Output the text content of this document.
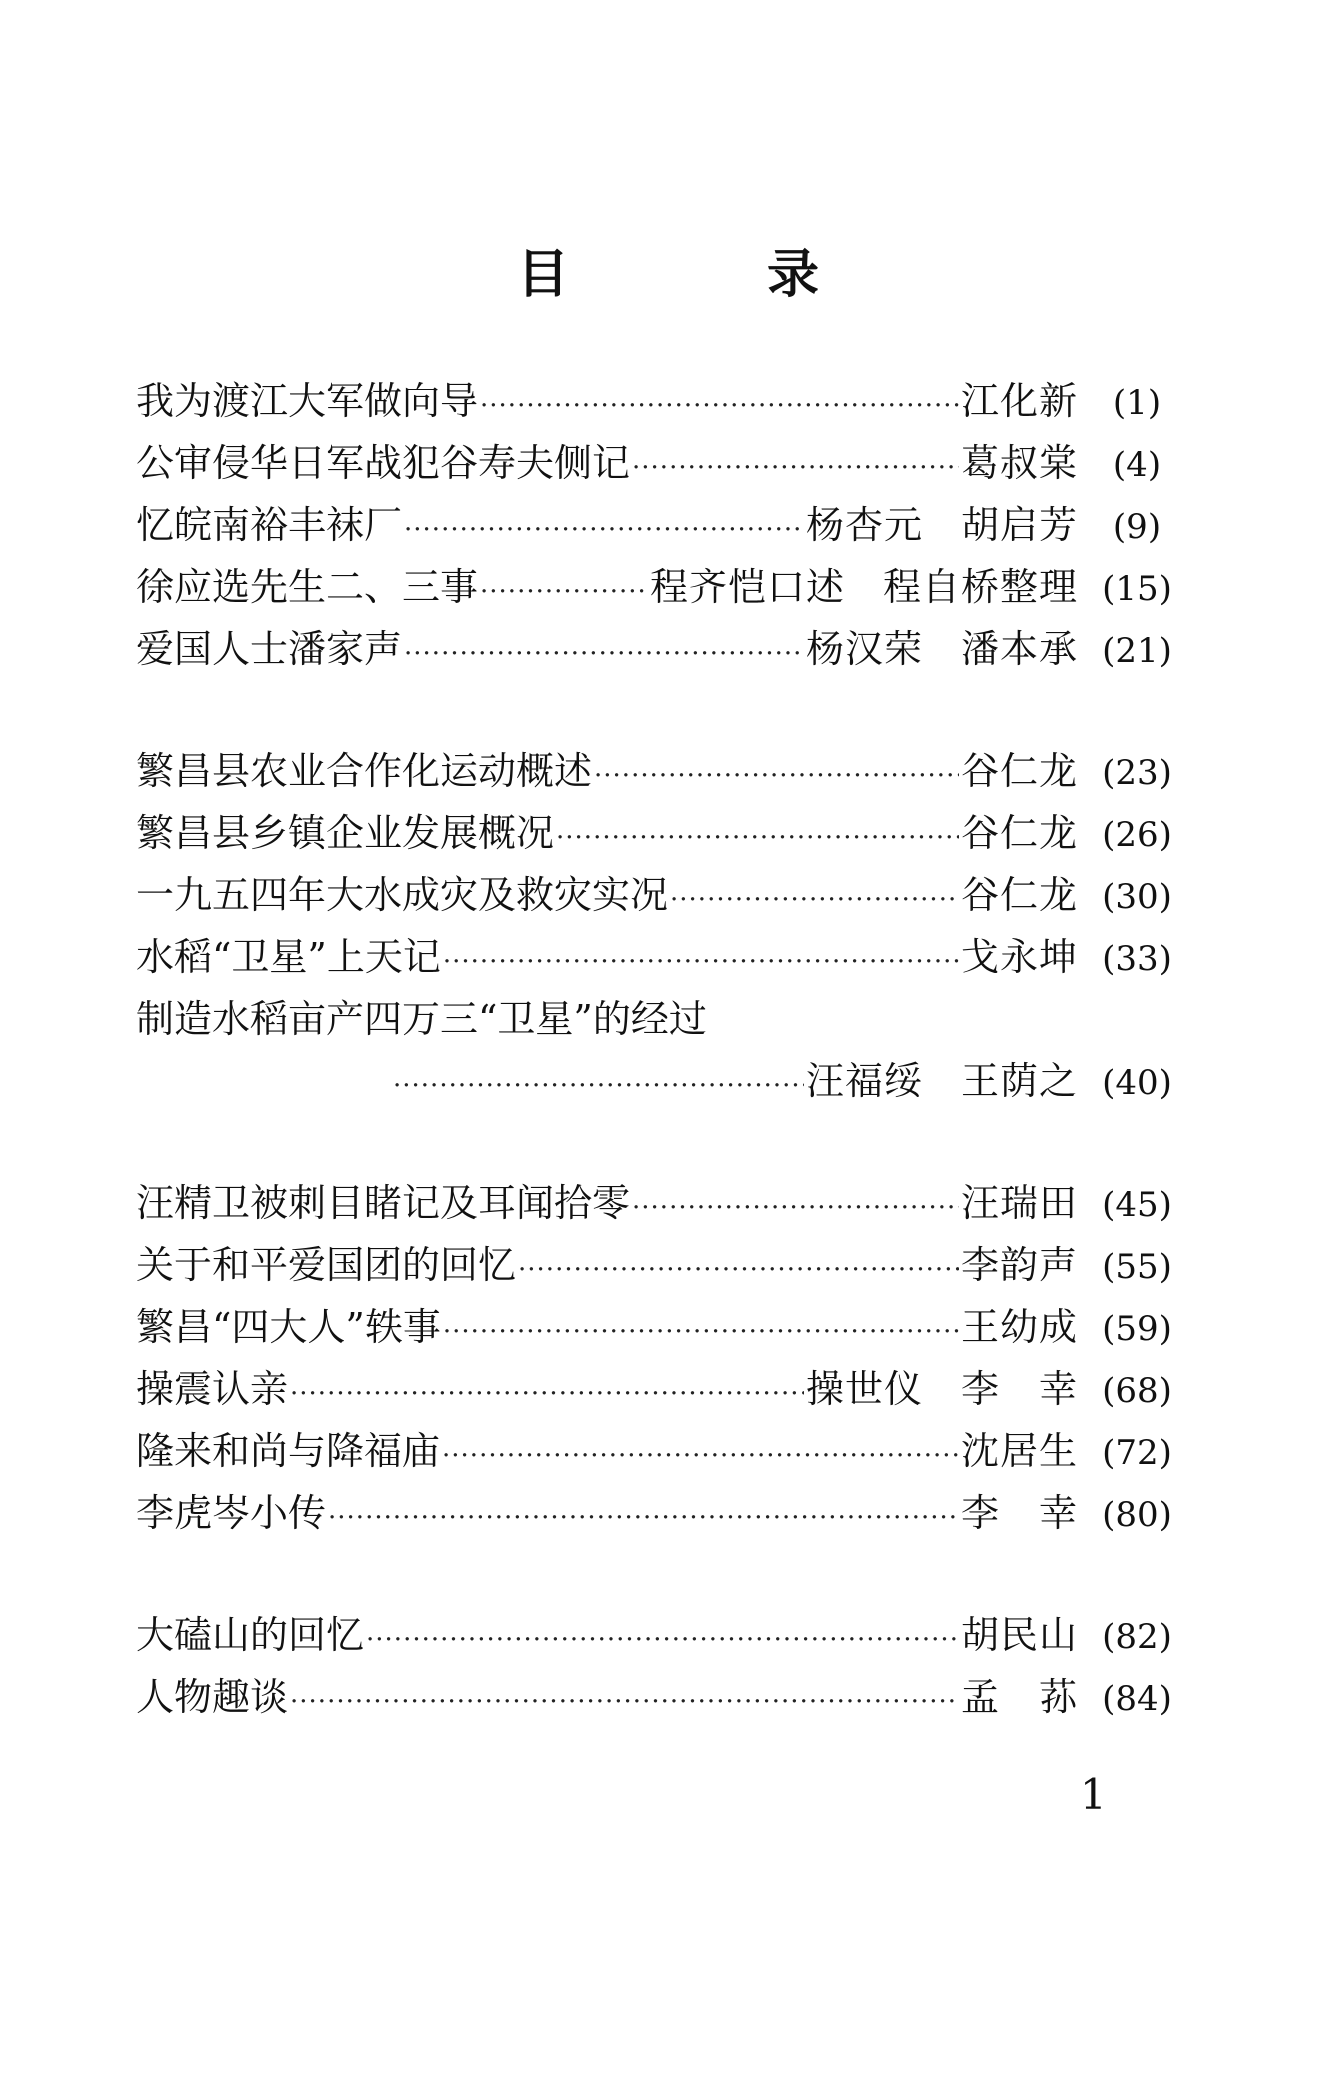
目 录
我为渡江大军做向导 ·····	江化新	(1)
公审侵华日军战犯谷寿夫侧记 ·····	葛叔棠	(4)
忆皖南裕丰袜厂 ·····	杨杏元 胡启芳	(9)
徐应选先生二、三事 ·····	程齐恺口述 程自桥整理 (15)
爱国人士潘家声 ·····	杨汉荣 潘本承 (21)
繁昌县农业合作化运动概述 ·····	谷仁龙 (23)
繁昌县乡镇企业发展概况 ·····	谷仁龙 (26)
一九五四年大水成灾及救灾实况 ·····	谷仁龙 (30)
水稻“卫星”上天记 ·····	戈永坤 (33)
制造水稻亩产四万三“卫星”的经过
·····
汪福绥 王荫之 (40)
汪精卫被刺目睹记及耳闻拾零 ·····	汪瑞田 (45)
关于和平爱国团的回忆 ·····	李韵声 (55)
繁昌“四大人”轶事 ·····	王幼成 (59)
操震认亲 ·····	操世仪 李　幸 (68)
隆来和尚与降福庙 ·····	沈居生 (72)
李虎岑小传 ·····	李　幸 (80)
大磕山的回忆 ·····	胡民山 (82)
人物趣谈 ·····	孟　荪 (84)
1
